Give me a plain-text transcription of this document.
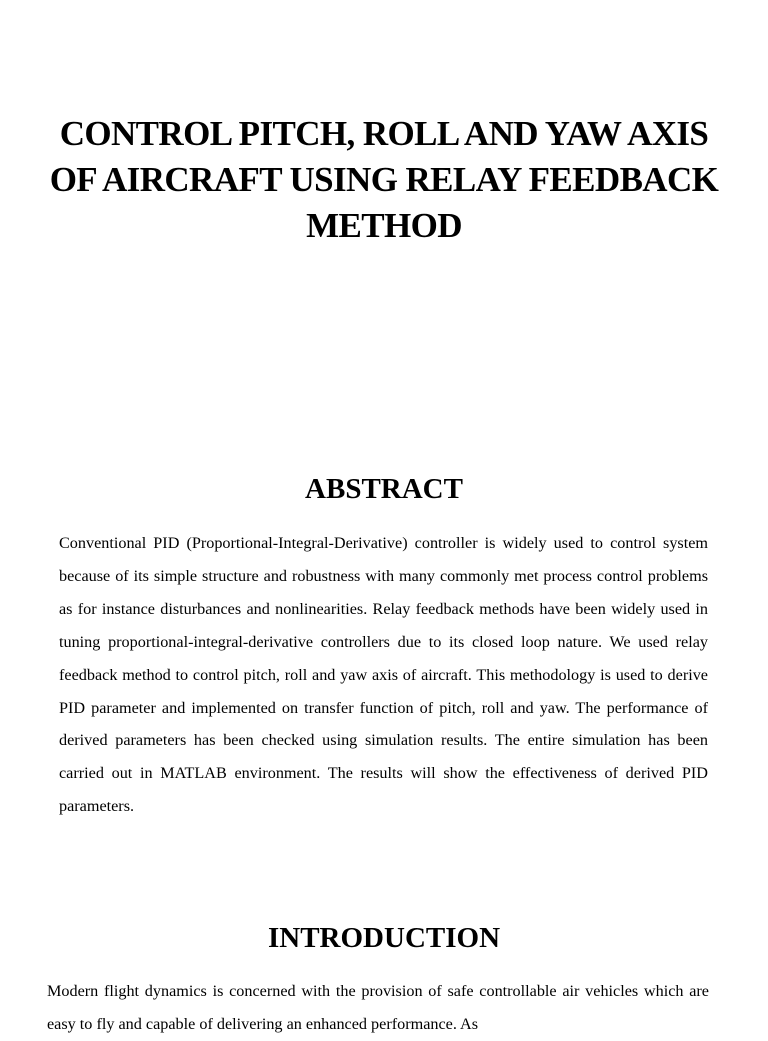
CONTROL PITCH, ROLL AND YAW AXIS OF AIRCRAFT USING RELAY FEEDBACK METHOD
ABSTRACT

Conventional PID (Proportional-Integral-Derivative) controller is widely used to control system because of its simple structure and robustness with many commonly met process control problems as for instance disturbances and nonlinearities. Relay feedback methods have been widely used in tuning proportional-integral-derivative controllers due to its closed loop nature. We used relay feedback method to control pitch, roll and yaw axis of aircraft. This methodology is used to derive PID parameter and implemented on transfer function of pitch, roll and yaw. The performance of derived parameters has been checked using simulation results. The entire simulation has been carried out in MATLAB environment. The results will show the effectiveness of derived PID parameters.

INTRODUCTION

Modern flight dynamics is concerned with the provision of safe controllable air vehicles which are easy to fly and capable of delivering an enhanced performance. As
